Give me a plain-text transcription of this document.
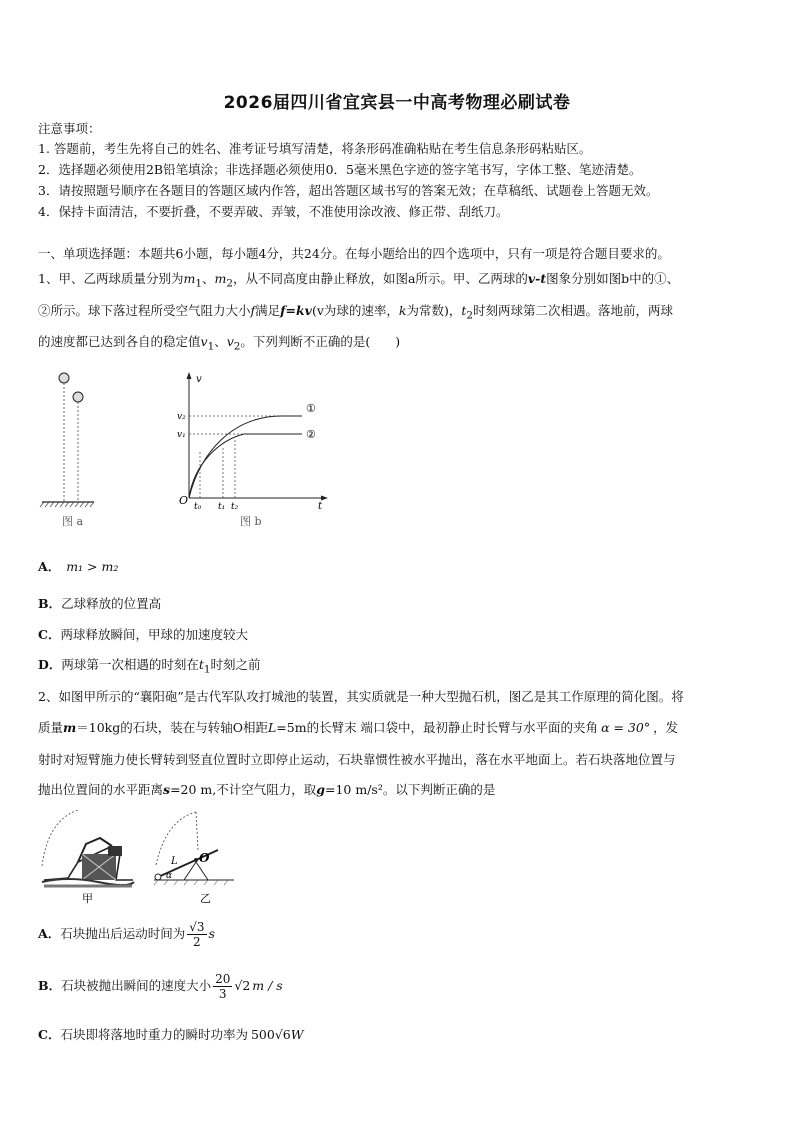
2026届四川省宜宾县一中高考物理必刷试卷
注意事项：
1. 答题前，考生先将自己的姓名、准考证号填写清楚，将条形码准确粘贴在考生信息条形码粘贴区。
2．选择题必须使用2B铅笔填涂；非选择题必须使用0．5毫米黑色字迹的签字笔书写，字体工整、笔迹清楚。
3．请按照题号顺序在各题目的答题区域内作答，超出答题区域书写的答案无效；在草稿纸、试题卷上答题无效。
4．保持卡面清洁，不要折叠，不要弄破、弄皱，不准使用涂改液、修正带、刮纸刀。
一、单项选择题：本题共6小题，每小题4分，共24分。在每小题给出的四个选项中，只有一项是符合题目要求的。
1、甲、乙两球质量分别为$m_1$、$m_2$，从不同高度由静止释放，如图a所示。甲、乙两球的v-t图象分别如图b中的①、
②所示。球下落过程所受空气阻力大小f满足f=kv(v为球的速率，k为常数)，$t_2$时刻两球第二次相遇。落地前，两球
的速度都已达到各自的稳定值$v_1$、$v_2$。下列判断不正确的是(　　)
图 a
v
t
O
v₂
v₁
t₀ t₁ t₂
①
②
图 b
A． m₁ > m₂
B．乙球释放的位置高
C．两球释放瞬间，甲球的加速度较大
D．两球第一次相遇的时刻在$t_1$时刻之前
2、如图甲所示的“襄阳砲”是古代军队攻打城池的装置，其实质就是一种大型抛石机，图乙是其工作原理的简化图。将
质量m＝10kg的石块，装在与转轴O相距L=5m的长臂末 端口袋中，最初静止时长臂与水平面的夹角 α = 30° ，发
射时对短臂施力使长臂转到竖直位置时立即停止运动，石块靠惯性被水平抛出，落在水平地面上。若石块落地位置与
抛出位置间的水平距离s=20 m,不计空气阻力，取g=10 m/s²。以下判断正确的是
甲
L O
α
乙
A．石块抛出后运动时间为 $\frac{√3}{2}$ s
B．石块被抛出瞬间的速度大小 $\frac{20}{3} √2$ m / s
C．石块即将落地时重力的瞬时功率为 500√6W
